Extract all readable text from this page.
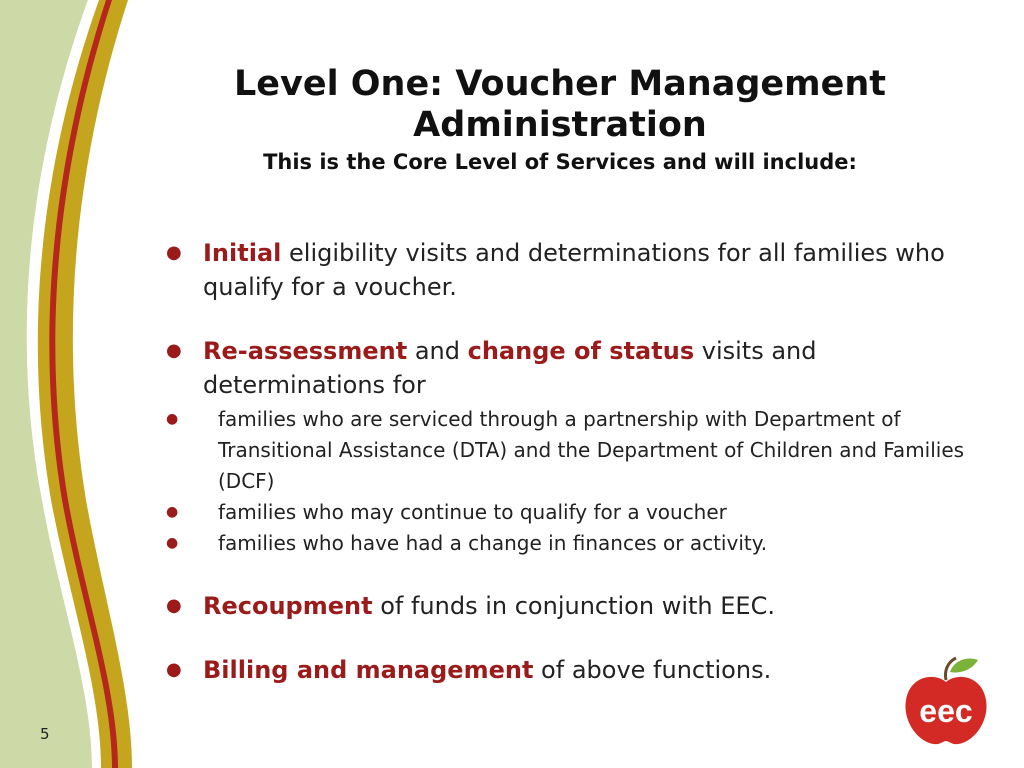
Level One: Voucher Management Administration

This is the Core Level of Services and will include:
● Initial eligibility visits and determinations for all families who qualify for a voucher.
● Re-assessment and change of status visits and determinations for
● families who are serviced through a partnership with Department of Transitional Assistance (DTA) and the Department of Children and Families (DCF)
● families who may continue to qualify for a voucher
● families who have had a change in finances or activity.
● Recoupment of funds in conjunction with EEC.
● Billing and management of above functions.
5
eec
